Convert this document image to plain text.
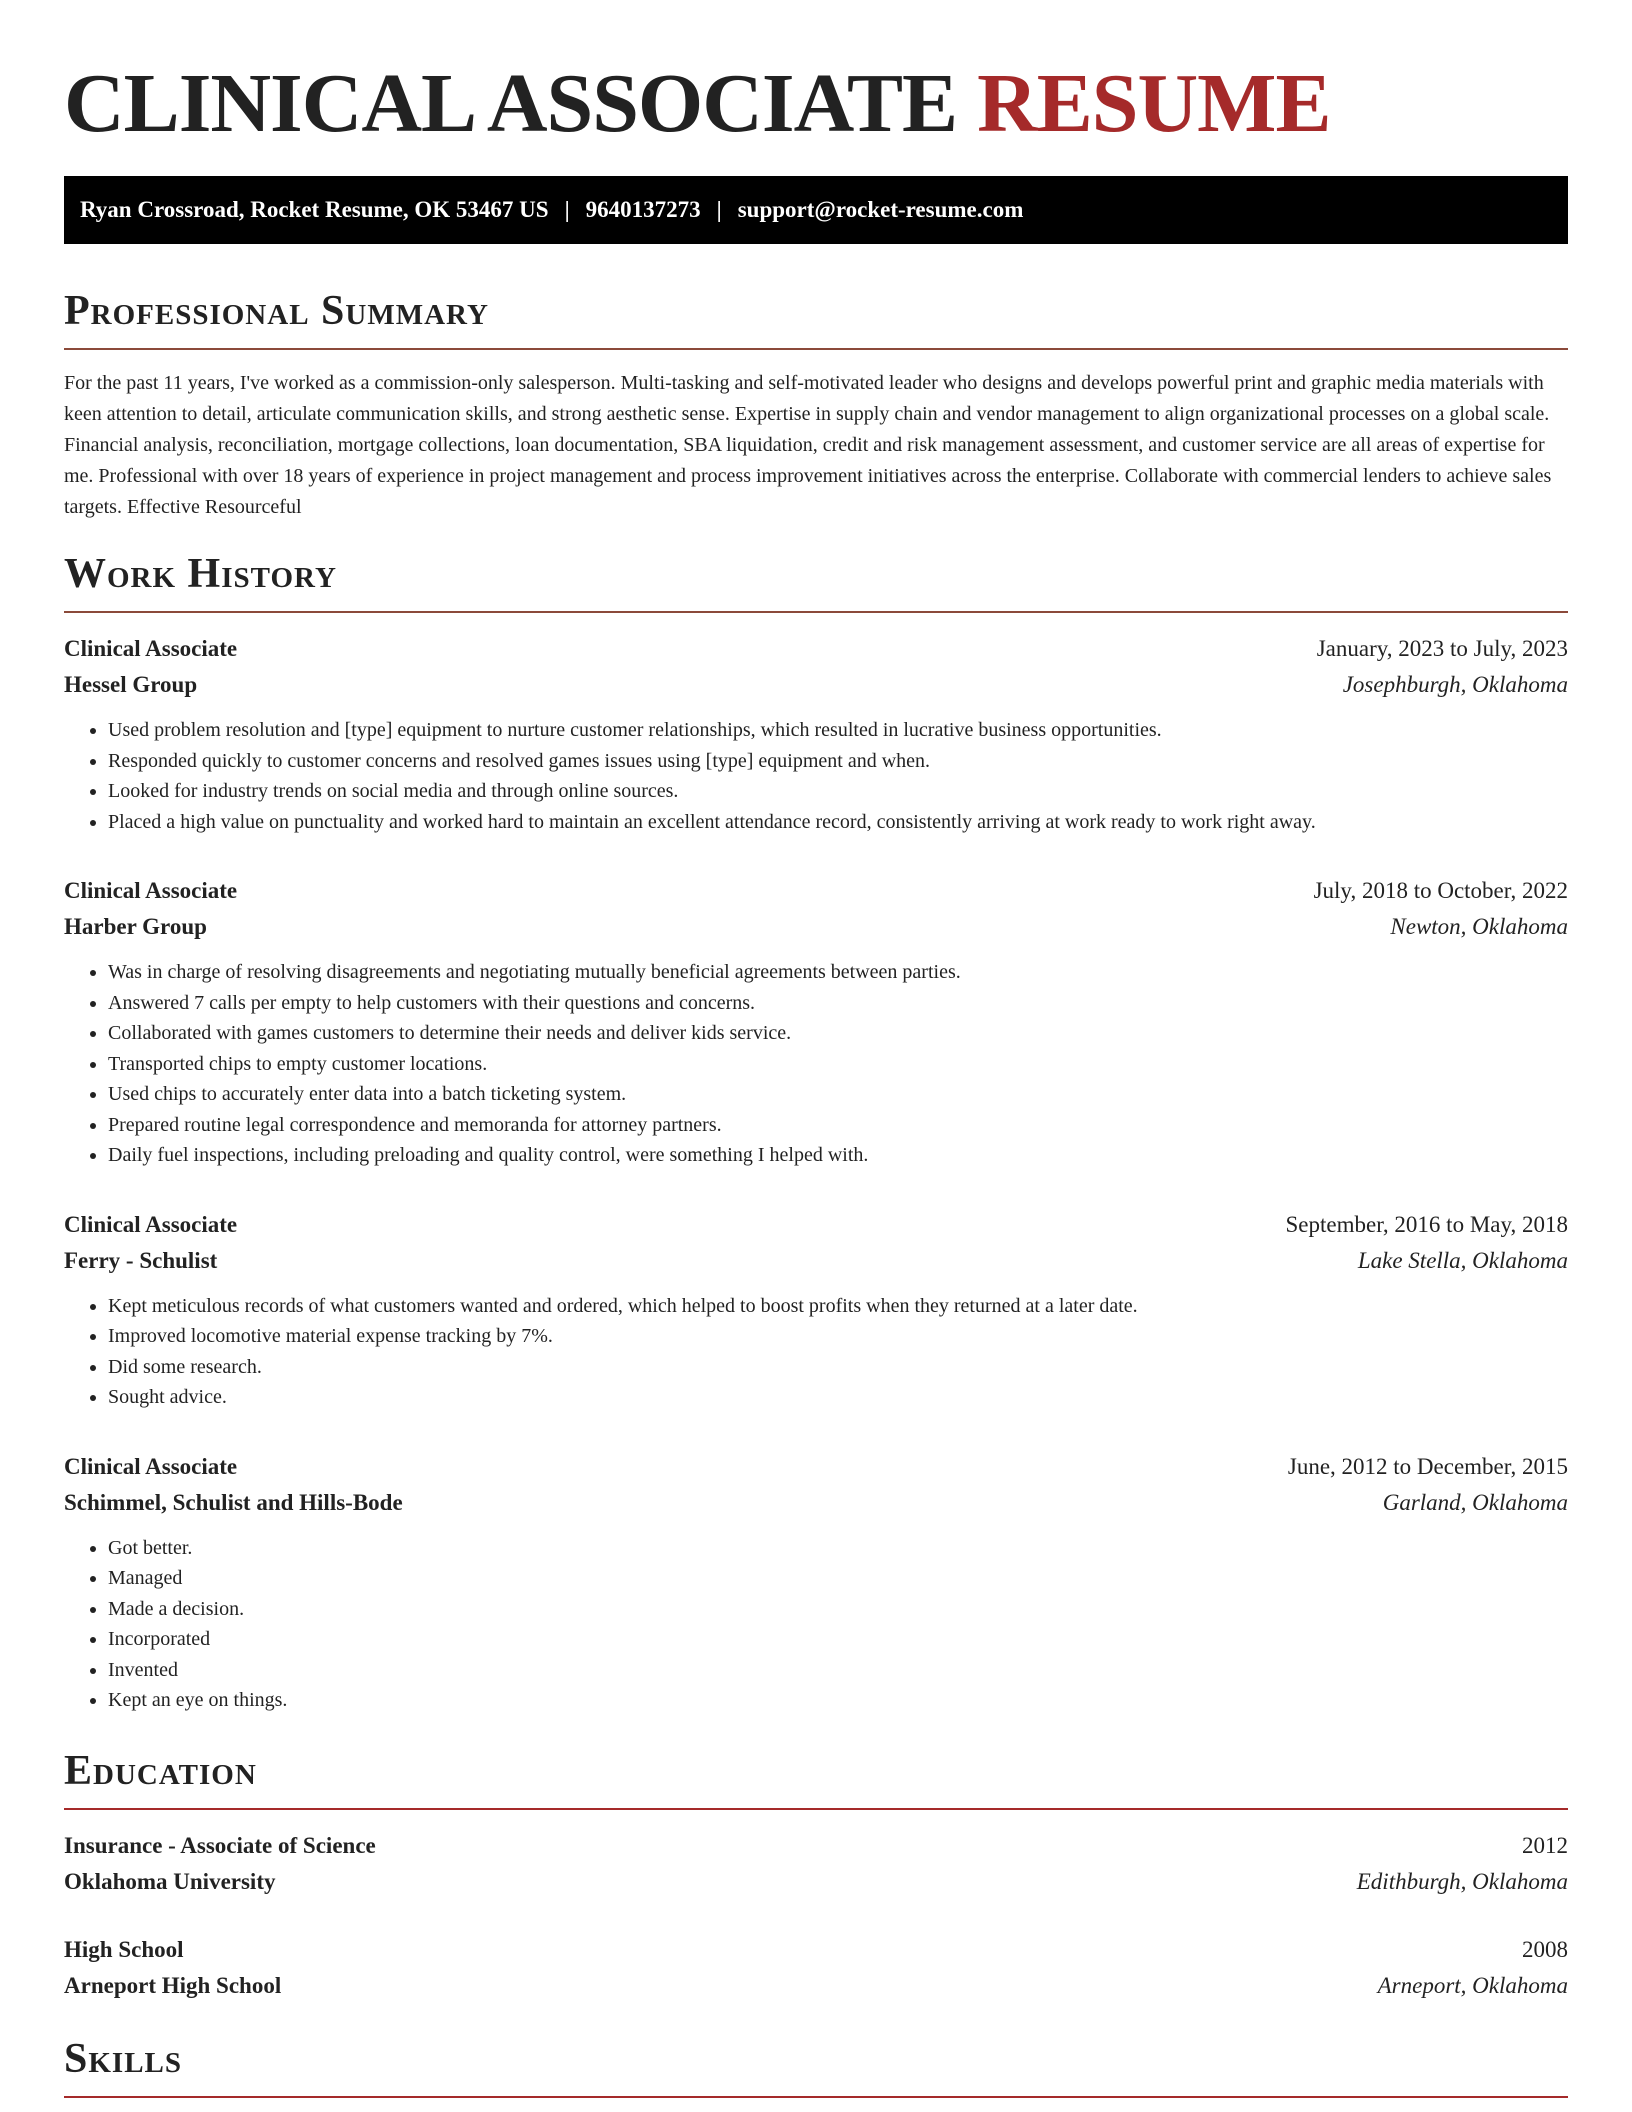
CLINICAL ASSOCIATE RESUME
Ryan Crossroad, Rocket Resume, OK 53467 US | 9640137273 | support@rocket-resume.com
Professional Summary

For the past 11 years, I've worked as a commission-only salesperson. Multi-tasking and self-motivated leader who designs and develops powerful print and graphic media materials with keen attention to detail, articulate communication skills, and strong aesthetic sense. Expertise in supply chain and vendor management to align organizational processes on a global scale. Financial analysis, reconciliation, mortgage collections, loan documentation, SBA liquidation, credit and risk management assessment, and customer service are all areas of expertise for me. Professional with over 18 years of experience in project management and process improvement initiatives across the enterprise. Collaborate with commercial lenders to achieve sales targets. Effective Resourceful

Work History
Clinical Associate	January, 2023 to July, 2023
Hessel Group	Josephburgh, Oklahoma
• Used problem resolution and [type] equipment to nurture customer relationships, which resulted in lucrative business opportunities.
• Responded quickly to customer concerns and resolved games issues using [type] equipment and when.
• Looked for industry trends on social media and through online sources.
• Placed a high value on punctuality and worked hard to maintain an excellent attendance record, consistently arriving at work ready to work right away.
Clinical Associate	July, 2018 to October, 2022
Harber Group	Newton, Oklahoma
• Was in charge of resolving disagreements and negotiating mutually beneficial agreements between parties.
• Answered 7 calls per empty to help customers with their questions and concerns.
• Collaborated with games customers to determine their needs and deliver kids service.
• Transported chips to empty customer locations.
• Used chips to accurately enter data into a batch ticketing system.
• Prepared routine legal correspondence and memoranda for attorney partners.
• Daily fuel inspections, including preloading and quality control, were something I helped with.
Clinical Associate	September, 2016 to May, 2018
Ferry - Schulist	Lake Stella, Oklahoma
• Kept meticulous records of what customers wanted and ordered, which helped to boost profits when they returned at a later date.
• Improved locomotive material expense tracking by 7%.
• Did some research.
• Sought advice.
Clinical Associate	June, 2012 to December, 2015
Schimmel, Schulist and Hills-Bode	Garland, Oklahoma
• Got better.
• Managed
• Made a decision.
• Incorporated
• Invented
• Kept an eye on things.
Education
Insurance - Associate of Science	2012
Oklahoma University	Edithburgh, Oklahoma
High School	2008
Arneport High School	Arneport, Oklahoma
Skills
